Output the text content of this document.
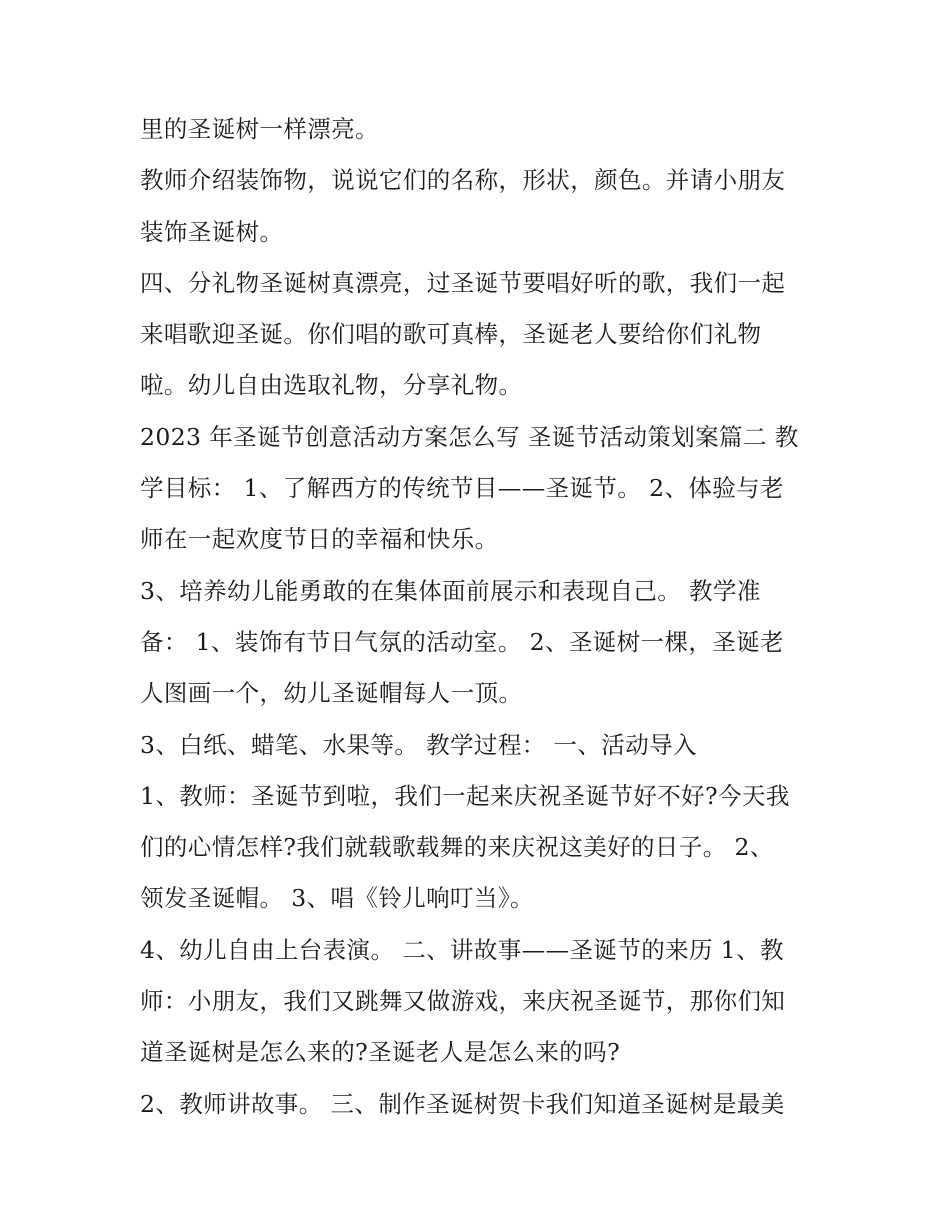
里的圣诞树一样漂亮。
教师介绍装饰物，说说它们的名称，形状，颜色。并请小朋友
装饰圣诞树。
四、分礼物圣诞树真漂亮，过圣诞节要唱好听的歌，我们一起
来唱歌迎圣诞。你们唱的歌可真棒，圣诞老人要给你们礼物
啦。幼儿自由选取礼物，分享礼物。
2023 年圣诞节创意活动方案怎么写 圣诞节活动策划案篇二 教
学目标： 1、了解西方的传统节目——圣诞节。 2、体验与老
师在一起欢度节日的幸福和快乐。
3、培养幼儿能勇敢的在集体面前展示和表现自己。 教学准
备： 1、装饰有节日气氛的活动室。 2、圣诞树一棵，圣诞老
人图画一个，幼儿圣诞帽每人一顶。
3、白纸、蜡笔、水果等。 教学过程： 一、活动导入
1、教师：圣诞节到啦，我们一起来庆祝圣诞节好不好?今天我
们的心情怎样?我们就载歌载舞的来庆祝这美好的日子。 2、
领发圣诞帽。 3、唱《铃儿响叮当》。
4、幼儿自由上台表演。 二、讲故事——圣诞节的来历 1、教
师：小朋友，我们又跳舞又做游戏，来庆祝圣诞节，那你们知
道圣诞树是怎么来的?圣诞老人是怎么来的吗?
2、教师讲故事。 三、制作圣诞树贺卡我们知道圣诞树是最美
